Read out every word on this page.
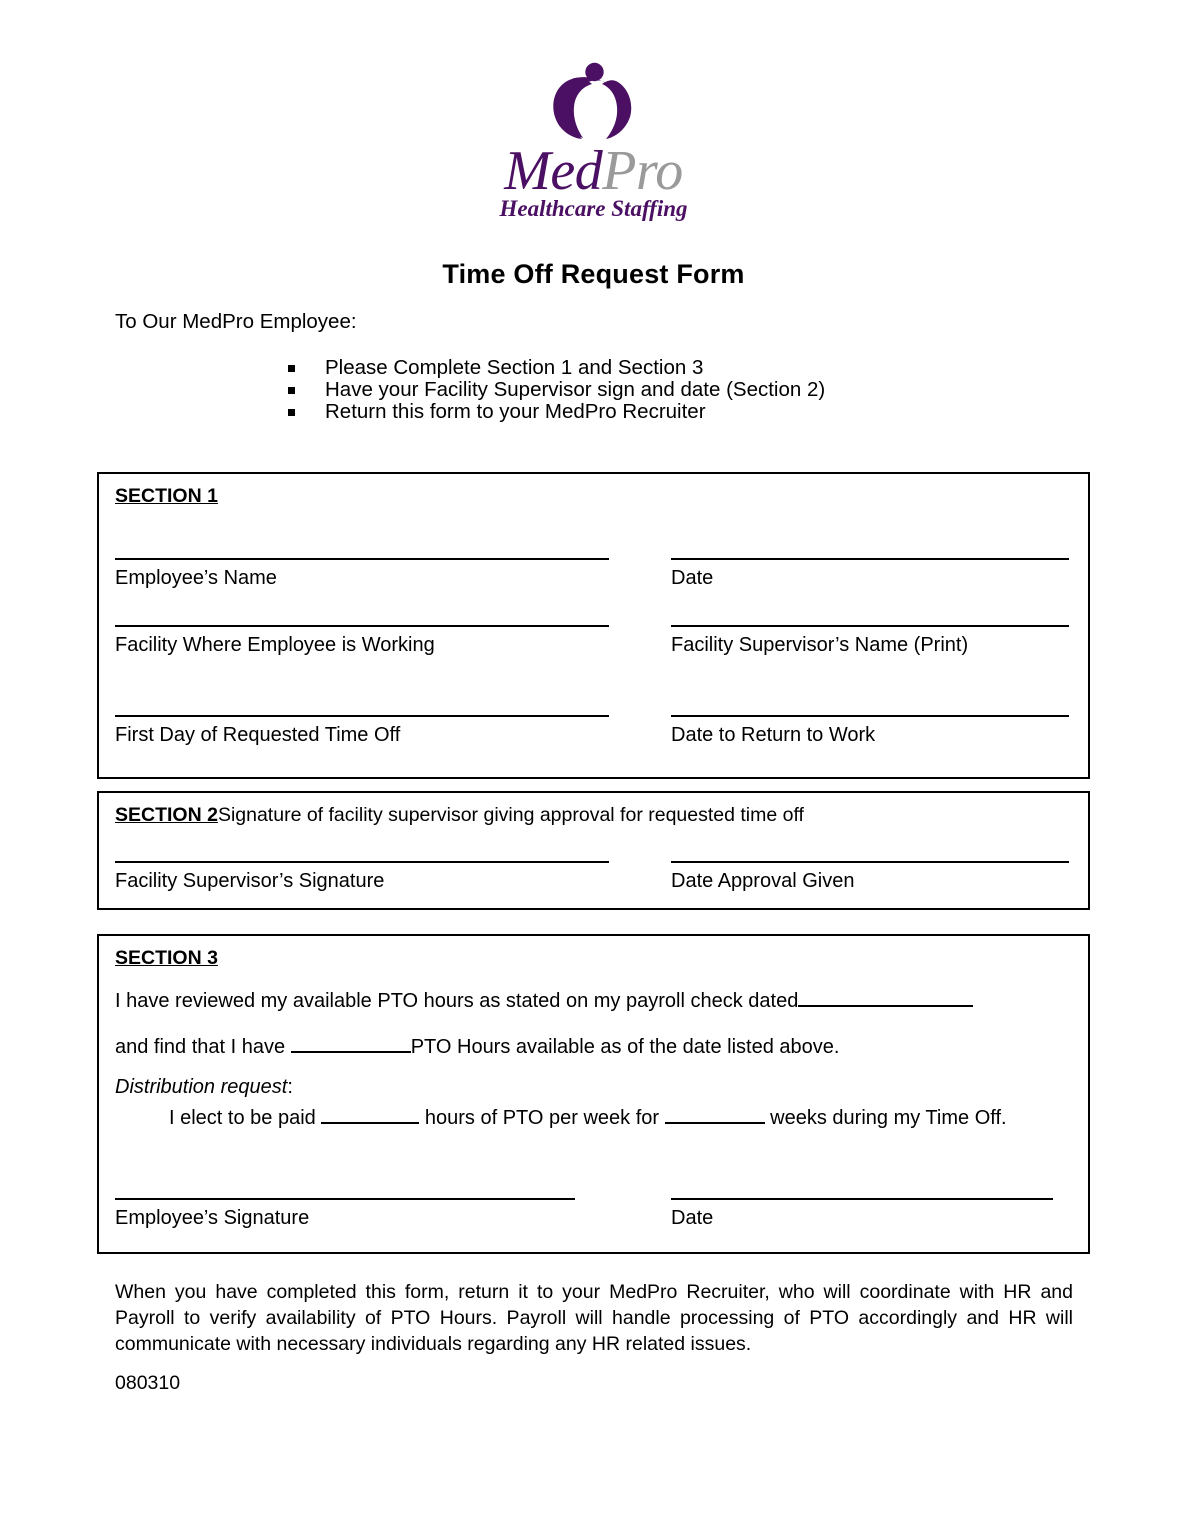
MedPro
Healthcare Staffing
Time Off Request Form
To Our MedPro Employee:
Please Complete Section 1 and Section 3
Have your Facility Supervisor sign and date (Section 2)
Return this form to your MedPro Recruiter
SECTION 1
Employee’s Name	Date
Facility Where Employee is Working	Facility Supervisor’s Name (Print)
First Day of Requested Time Off	Date to Return to Work
SECTION 2Signature of facility supervisor giving approval for requested time off
Facility Supervisor’s Signature	Date Approval Given
SECTION 3
I have reviewed my available PTO hours as stated on my payroll check dated
and find that I have	PTO Hours available as of the date listed above.
Distribution request:
I elect to be paid	hours of PTO per week for	weeks during my Time Off.
Employee’s Signature	Date
When you have completed this form, return it to your MedPro Recruiter, who will coordinate with HR and Payroll to verify availability of PTO Hours. Payroll will handle processing of PTO accordingly and HR will communicate with necessary individuals regarding any HR related issues.
080310
